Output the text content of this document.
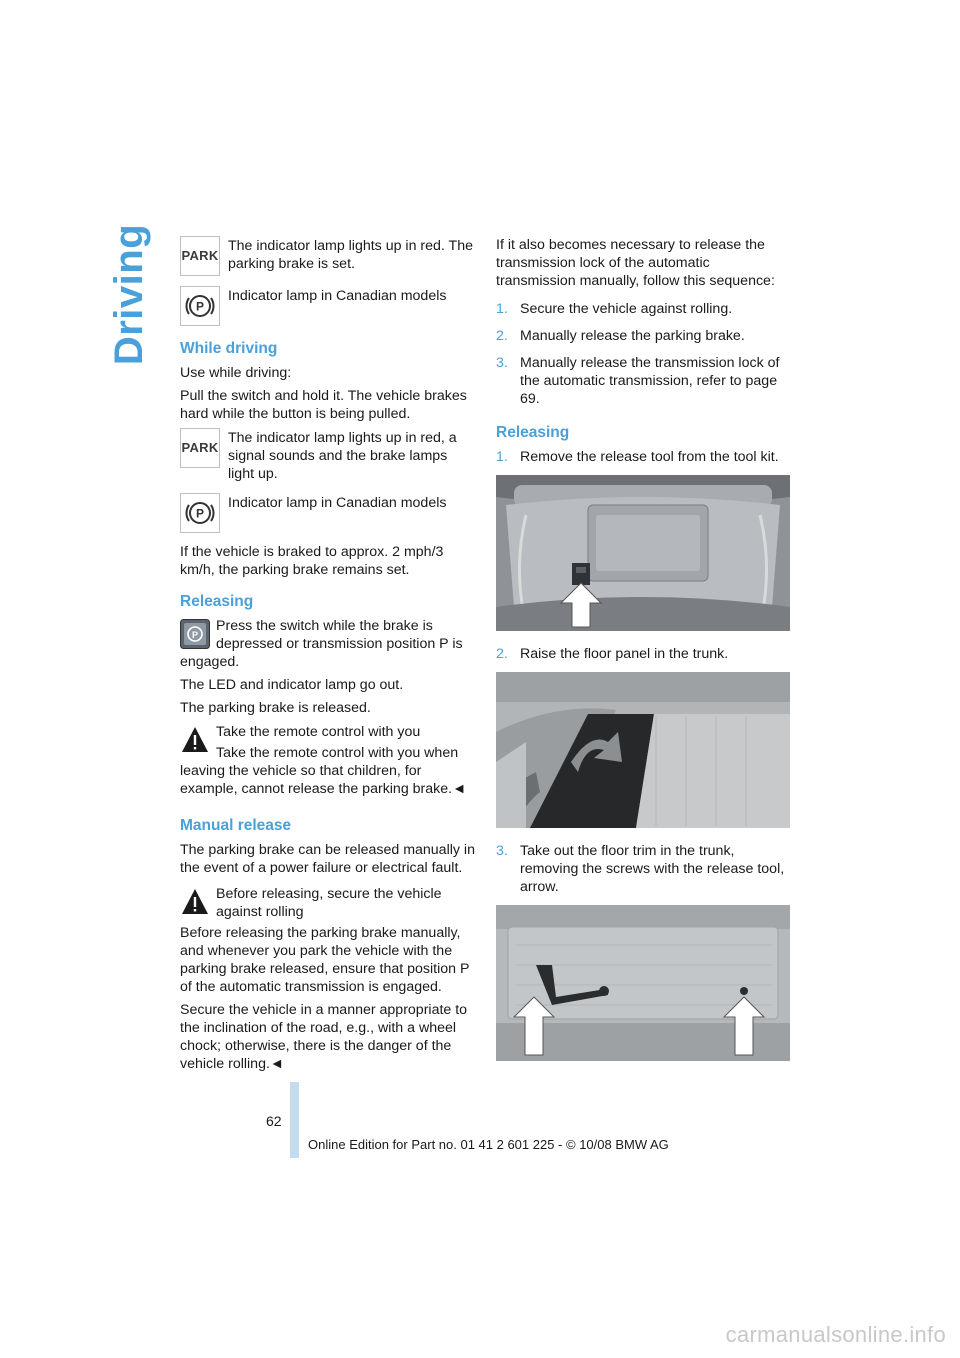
Driving PARK
The indicator lamp lights up in red. The parking brake is set.
P
Indicator lamp in Canadian models
While driving

Use while driving:

Pull the switch and hold it. The vehicle brakes hard while the button is being pulled.

PARK
The indicator lamp lights up in red, a signal sounds and the brake lamps light up.
P
Indicator lamp in Canadian models

If the vehicle is braked to approx. 2 mph/3 km/h, the parking brake remains set.

Releasing
P

Press the switch while the brake is depressed or transmission position P is engaged.

The LED and indicator lamp go out.

The parking brake is released.

Take the remote control with you

Take the remote control with you when leaving the vehicle so that children, for example, cannot release the parking brake.◄

Manual release

The parking brake can be released manually in the event of a power failure or electrical fault.

Before releasing, secure the vehicle against rolling

Before releasing the parking brake manually, and whenever you park the vehicle with the parking brake released, ensure that position P of the automatic transmission is engaged.

Secure the vehicle in a manner appropriate to the inclination of the road, e.g., with a wheel chock; otherwise, there is the danger of the vehicle rolling.◄

If it also becomes necessary to release the transmission lock of the automatic transmission manually, follow this sequence:

1. Secure the vehicle against rolling.
2. Manually release the parking brake.
3. Manually release the transmission lock of the automatic transmission, refer to page 69.
Releasing
1. Remove the release tool from the tool kit.
2. Raise the floor panel in the trunk.
3. Take out the floor trim in the trunk, removing the screws with the release tool, arrow.
62
Online Edition for Part no. 01 41 2 601 225 - © 10/08 BMW AG
carmanualsonline.info
